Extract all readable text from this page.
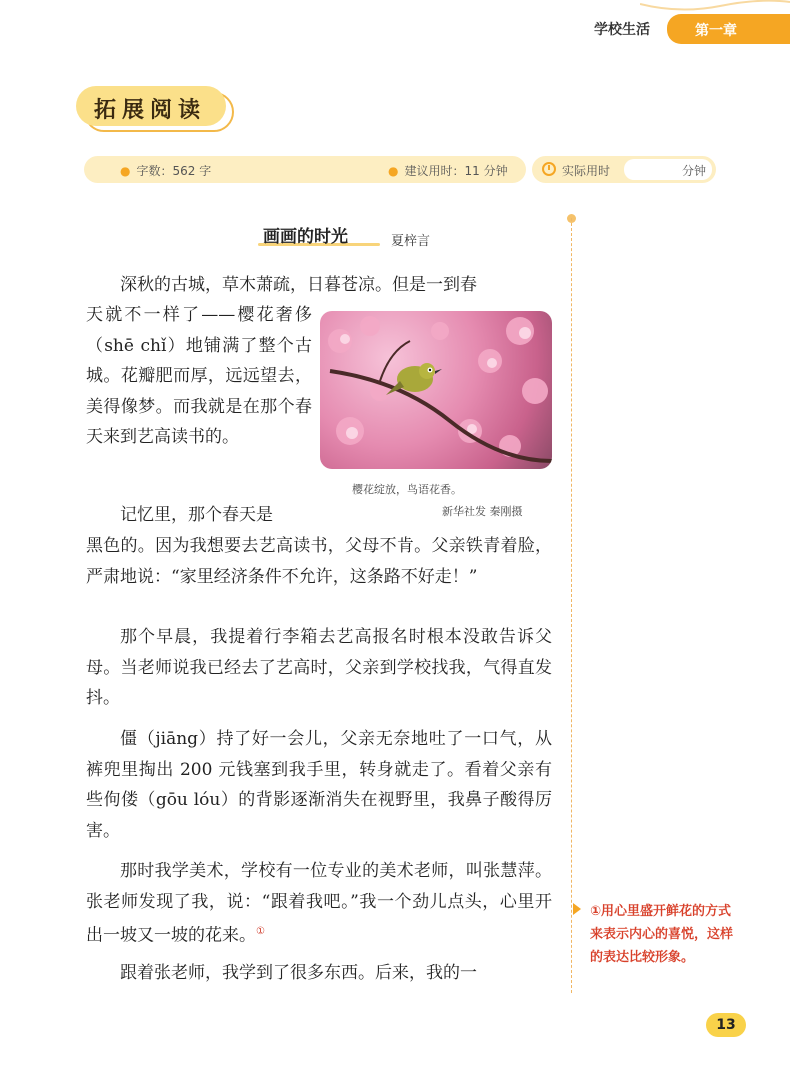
学校生活	第一章
拓展阅读
● 字数：562 字	● 建议用时：11 分钟	实际用时	分钟
画画的时光	夏梓言

深秋的古城，草木萧疏，日暮苍凉。但是一到春

天就不一样了——樱花奢侈（shē chǐ）地铺满了整个古城。花瓣肥而厚，远远望去，美得像梦。而我就是在那个春天来到艺高读书的。

樱花绽放，鸟语花香。
新华社发 秦刚摄

记忆里，那个春天是

黑色的。因为我想要去艺高读书，父母不肯。父亲铁青着脸，严肃地说：“家里经济条件不允许，这条路不好走！”

那个早晨，我提着行李箱去艺高报名时根本没敢告诉父母。当老师说我已经去了艺高时，父亲到学校找我，气得直发抖。

僵（jiāng）持了好一会儿，父亲无奈地吐了一口气，从裤兜里掏出 200 元钱塞到我手里，转身就走了。看着父亲有些佝偻（gōu lóu）的背影逐渐消失在视野里，我鼻子酸得厉害。

那时我学美术，学校有一位专业的美术老师，叫张慧萍。张老师发现了我，说：“跟着我吧。”我一个劲儿点头，心里开出一坡又一坡的花来。①

跟着张老师，我学到了很多东西。后来，我的一

①用心里盛开鲜花的方式来表示内心的喜悦，这样的表达比较形象。
13
